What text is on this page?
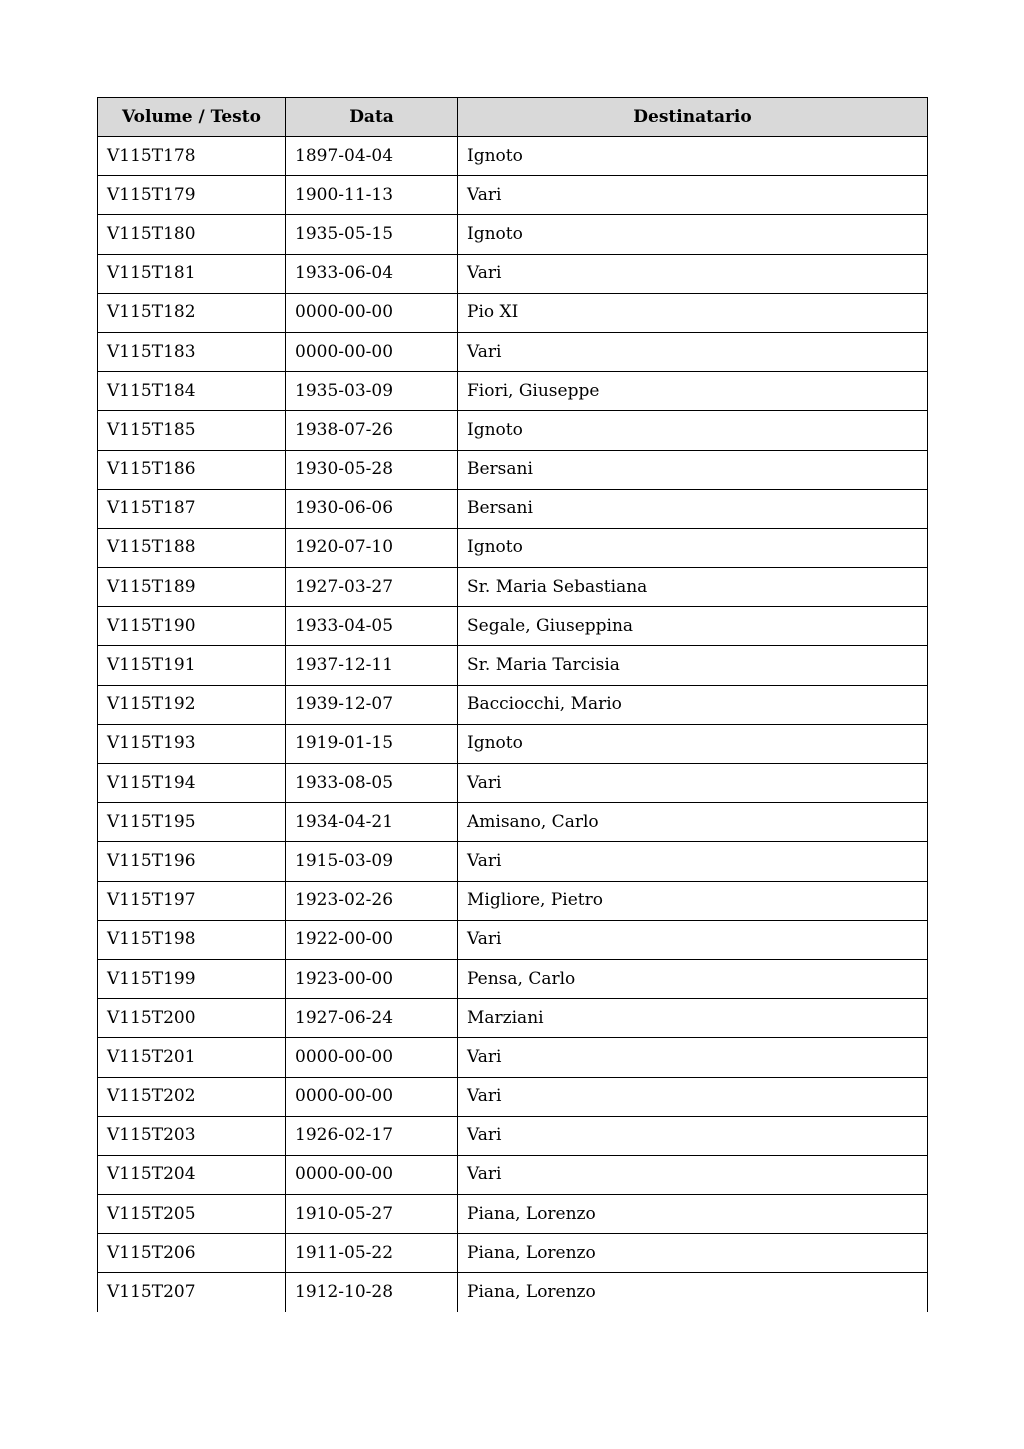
Volume / Testo	Data	Destinatario
V115T178	1897-04-04	Ignoto
V115T179	1900-11-13	Vari
V115T180	1935-05-15	Ignoto
V115T181	1933-06-04	Vari
V115T182	0000-00-00	Pio XI
V115T183	0000-00-00	Vari
V115T184	1935-03-09	Fiori, Giuseppe
V115T185	1938-07-26	Ignoto
V115T186	1930-05-28	Bersani
V115T187	1930-06-06	Bersani
V115T188	1920-07-10	Ignoto
V115T189	1927-03-27	Sr. Maria Sebastiana
V115T190	1933-04-05	Segale, Giuseppina
V115T191	1937-12-11	Sr. Maria Tarcisia
V115T192	1939-12-07	Bacciocchi, Mario
V115T193	1919-01-15	Ignoto
V115T194	1933-08-05	Vari
V115T195	1934-04-21	Amisano, Carlo
V115T196	1915-03-09	Vari
V115T197	1923-02-26	Migliore, Pietro
V115T198	1922-00-00	Vari
V115T199	1923-00-00	Pensa, Carlo
V115T200	1927-06-24	Marziani
V115T201	0000-00-00	Vari
V115T202	0000-00-00	Vari
V115T203	1926-02-17	Vari
V115T204	0000-00-00	Vari
V115T205	1910-05-27	Piana, Lorenzo
V115T206	1911-05-22	Piana, Lorenzo
V115T207	1912-10-28	Piana, Lorenzo
